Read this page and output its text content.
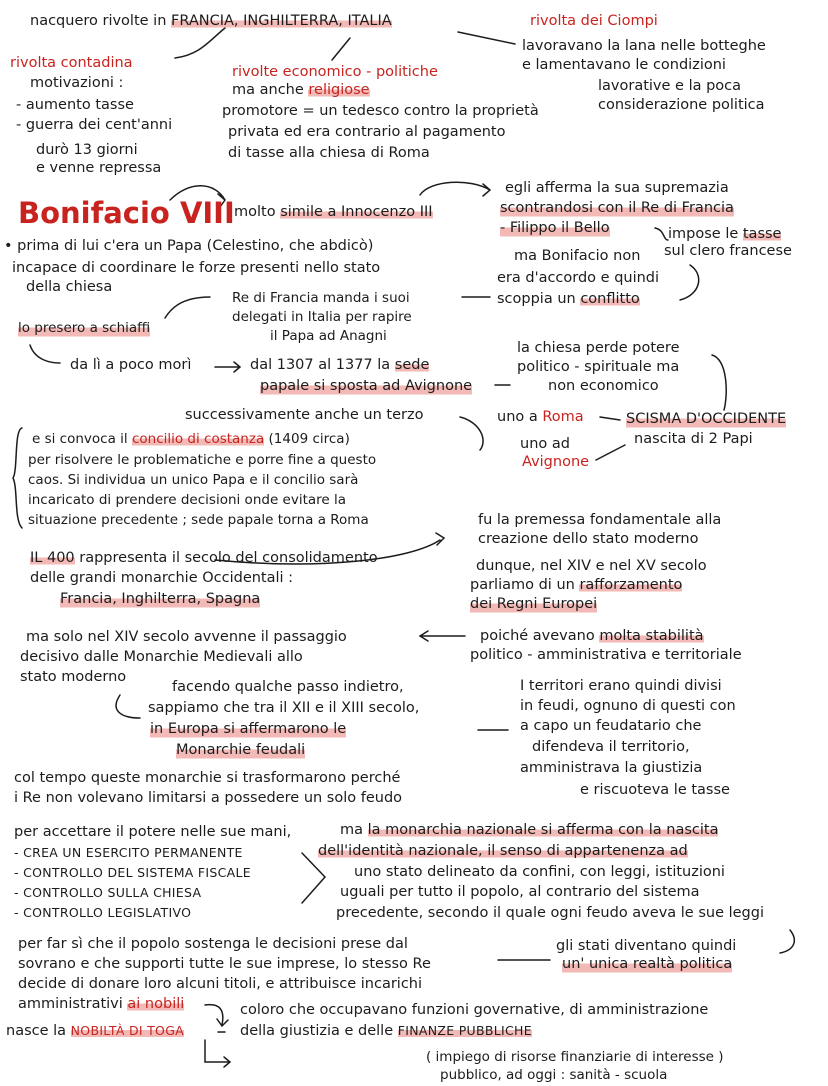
nacquero rivolte in FRANCIA, INGHILTERRA, ITALIA	rivolta dei Ciompi

lavoravano la lana nelle botteghe

e lamentavano le condizioni

lavorative e la poca

considerazione politica

rivolta contadina

motivazioni :

- aumento tasse

- guerra dei cent'anni

durò 13 giorni

e venne repressa

rivolte economico - politiche

ma anche religiose

promotore = un tedesco contro la proprietà

privata ed era contrario al pagamento

di tasse alla chiesa di Roma

Bonifacio VIII molto simile a Innocenzo III

egli afferma la sua supremazia

scontrandosi con il Re di Francia

- Filippo il Bello	impose le tasse

sul clero francese

ma Bonifacio non

era d'accordo e quindi

scoppia un conflitto

• prima di lui c'era un Papa (Celestino, che abdicò)

incapace di coordinare le forze presenti nello stato

della chiesa

Re di Francia manda i suoi

delegati in Italia per rapire

il Papa ad Anagni

lo presero a schiaffi

da lì a poco morì	dal 1307 al 1377 la sede

papale si sposta ad Avignone

la chiesa perde potere

politico - spirituale ma

non economico

successivamente anche un terzo	uno a Roma

uno ad

Avignone

SCISMA D'OCCIDENTE

nascita di 2 Papi

e si convoca il concilio di costanza (1409 circa)

per risolvere le problematiche e porre fine a questo

caos. Si individua un unico Papa e il concilio sarà

incaricato di prendere decisioni onde evitare la

situazione precedente ; sede papale torna a Roma

IL 400 rappresenta il secolo del consolidamento

delle grandi monarchie Occidentali :

Francia, Inghilterra, Spagna

fu la premessa fondamentale alla

creazione dello stato moderno

dunque, nel XIV e nel XV secolo

parliamo di un rafforzamento

dei Regni Europei

poiché avevano molta stabilità

politico - amministrativa e territoriale

ma solo nel XIV secolo avvenne il passaggio

decisivo dalle Monarchie Medievali allo

stato moderno

facendo qualche passo indietro,

sappiamo che tra il XII e il XIII secolo,

in Europa si affermarono le

Monarchie feudali

I territori erano quindi divisi

in feudi, ognuno di questi con

a capo un feudatario che

difendeva il territorio,

amministrava la giustizia

e riscuoteva le tasse

col tempo queste monarchie si trasformarono perché

i Re non volevano limitarsi a possedere un solo feudo

per accettare il potere nelle sue mani,

- CREA UN ESERCITO PERMANENTE

- CONTROLLO DEL SISTEMA FISCALE

- CONTROLLO SULLA CHIESA

- CONTROLLO LEGISLATIVO

ma la monarchia nazionale si afferma con la nascita

dell'identità nazionale, il senso di appartenenza ad

uno stato delineato da confini, con leggi, istituzioni

uguali per tutto il popolo, al contrario del sistema

precedente, secondo il quale ogni feudo aveva le sue leggi

per far sì che il popolo sostenga le decisioni prese dal

sovrano e che supporti tutte le sue imprese, lo stesso Re

decide di donare loro alcuni titoli, e attribuisce incarichi

amministrativi ai nobili

gli stati diventano quindi

un' unica realtà politica

nasce la NOBILTÀ DI TOGA

coloro che occupavano funzioni governative, di amministrazione

della giustizia e delle FINANZE PUBBLICHE

( impiego di risorse finanziarie di interesse )

pubblico, ad oggi : sanità - scuola
